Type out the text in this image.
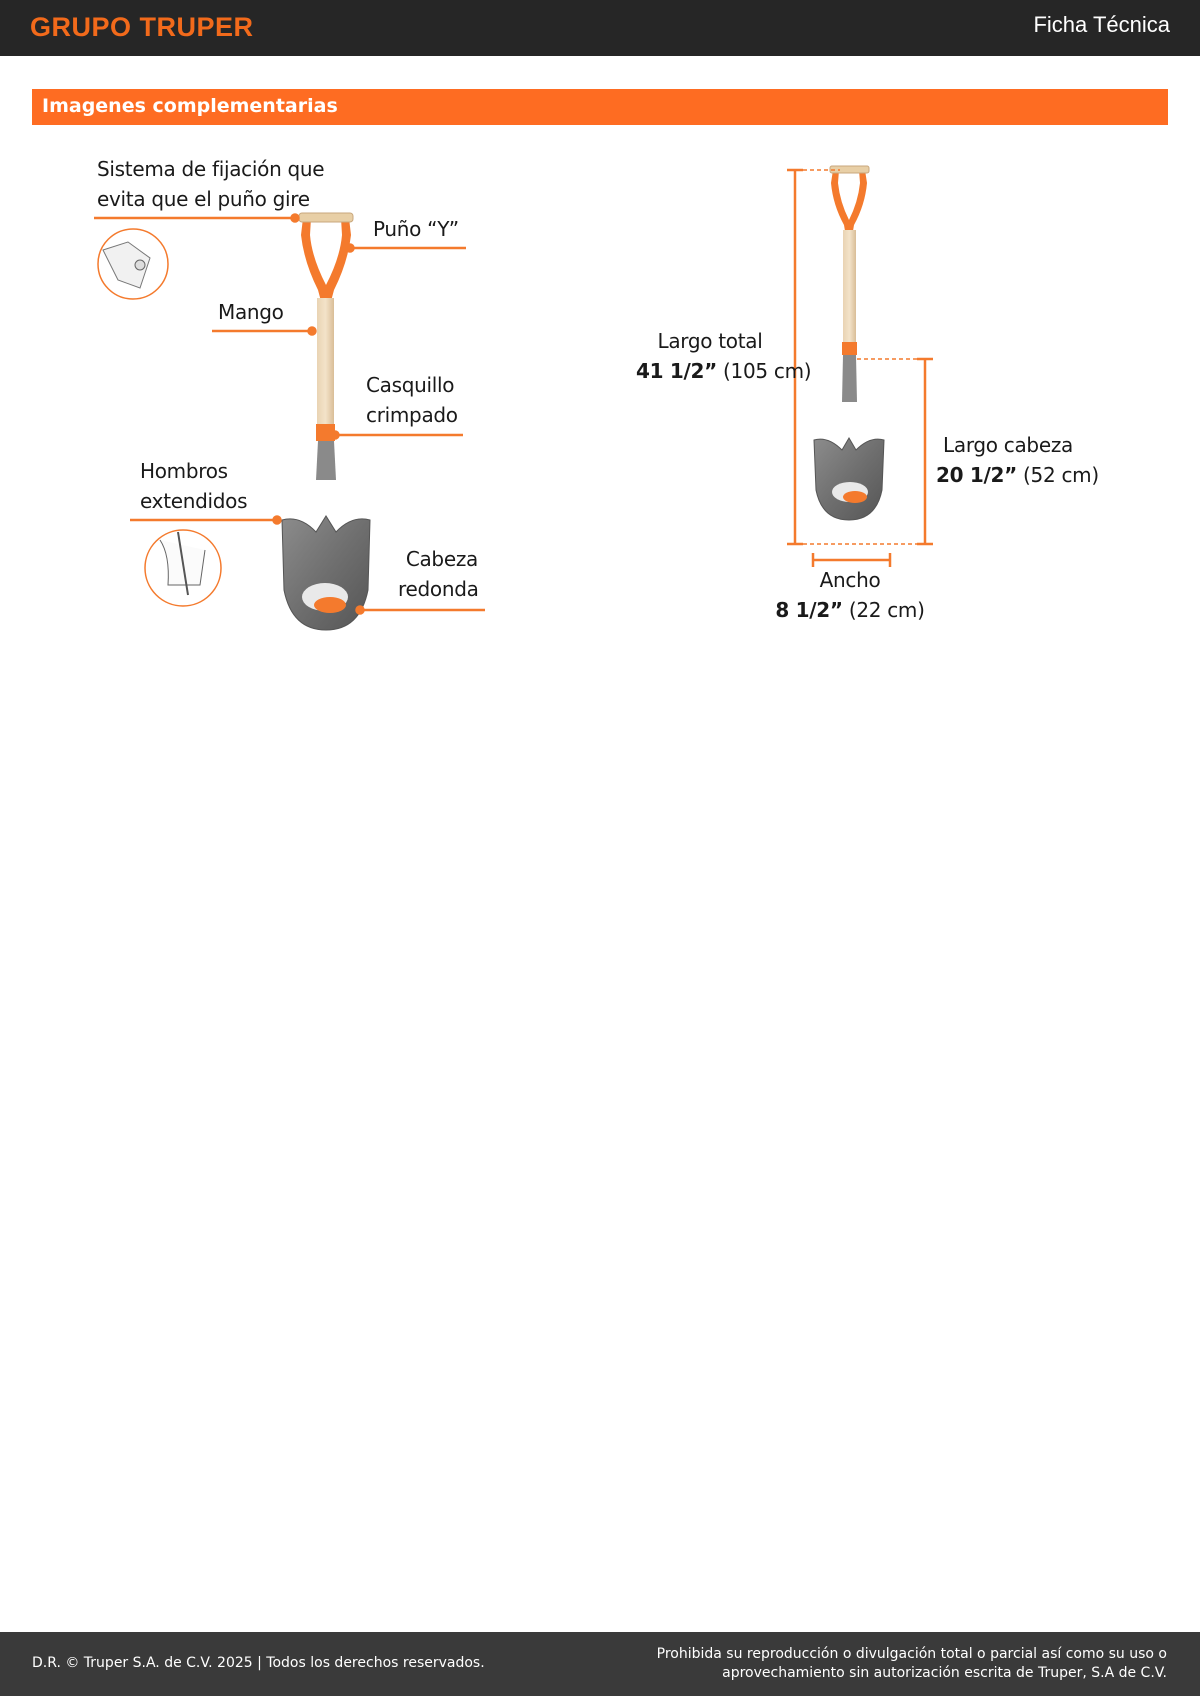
GRUPO TRUPER	Ficha Técnica
Imagenes complementarias
Sistema de fijación que
evita que el puño gire
Puño “Y”
Mango
Casquillo
crimpado
Hombros
extendidos
Cabeza
redonda
Largo total
41 1/2” (105 cm)
Largo cabeza
20 1/2” (52 cm)
Ancho
8 1/2” (22 cm)
D.R. © Truper S.A. de C.V. 2025 | Todos los derechos reservados.
Prohibida su reproducción o divulgación total o parcial así como su uso o
aprovechamiento sin autorización escrita de Truper, S.A de C.V.
